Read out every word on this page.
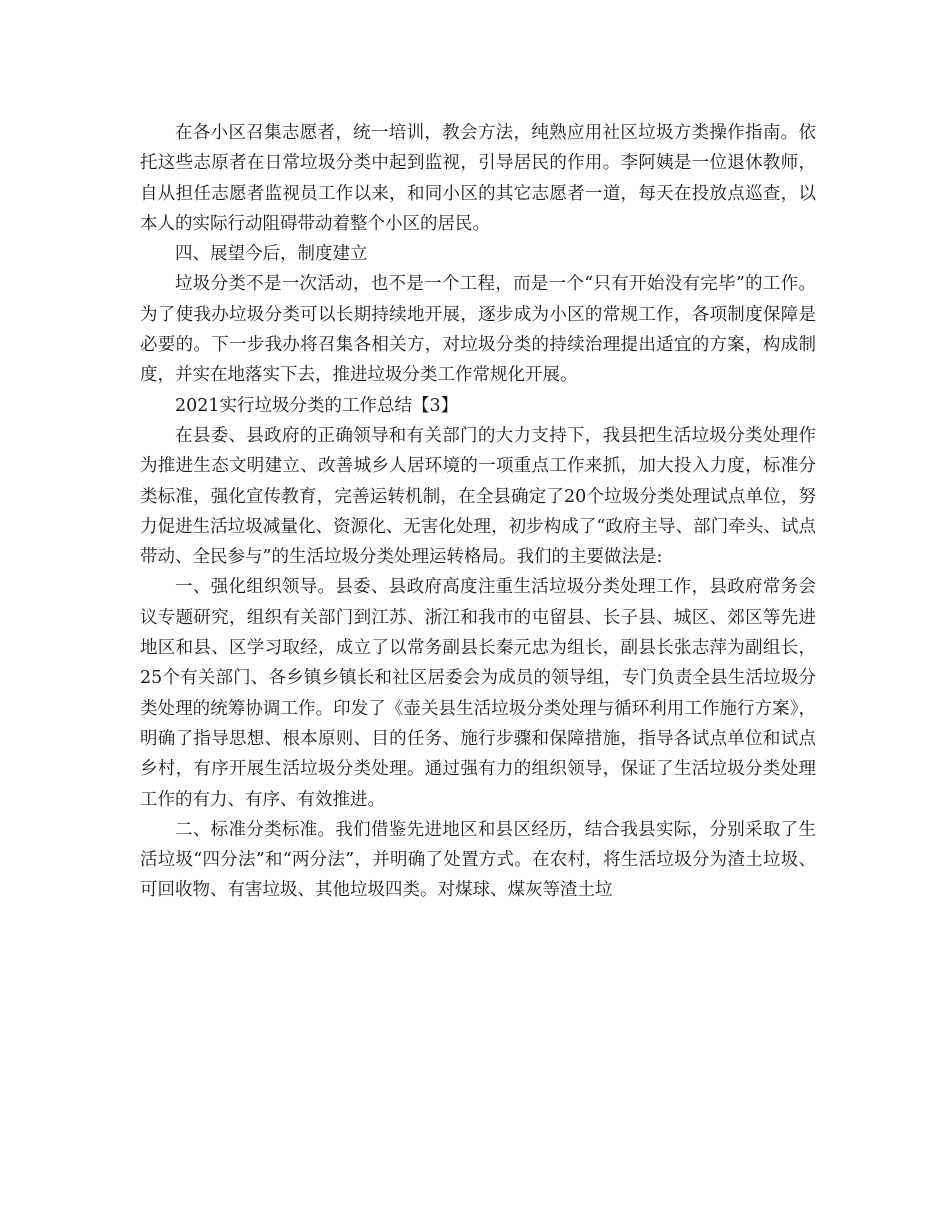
在各小区召集志愿者，统一培训，教会方法，纯熟应用社区垃圾方类操作指南。依托这些志原者在日常垃圾分类中起到监视，引导居民的作用。李阿姨是一位退休教师，自从担任志愿者监视员工作以来，和同小区的其它志愿者一道，每天在投放点巡查，以本人的实际行动阻碍带动着整个小区的居民。

四、展望今后，制度建立

垃圾分类不是一次活动，也不是一个工程，而是一个“只有开始没有完毕”的工作。为了使我办垃圾分类可以长期持续地开展，逐步成为小区的常规工作，各项制度保障是必要的。下一步我办将召集各相关方，对垃圾分类的持续治理提出适宜的方案，构成制度，并实在地落实下去，推进垃圾分类工作常规化开展。

2021实行垃圾分类的工作总结【3】

在县委、县政府的正确领导和有关部门的大力支持下，我县把生活垃圾分类处理作为推进生态文明建立、改善城乡人居环境的一项重点工作来抓，加大投入力度，标准分类标准，强化宣传教育，完善运转机制，在全县确定了20个垃圾分类处理试点单位，努力促进生活垃圾减量化、资源化、无害化处理，初步构成了“政府主导、部门牵头、试点带动、全民参与”的生活垃圾分类处理运转格局。我们的主要做法是:

一、强化组织领导。县委、县政府高度注重生活垃圾分类处理工作，县政府常务会议专题研究，组织有关部门到江苏、浙江和我市的屯留县、长子县、城区、郊区等先进地区和县、区学习取经，成立了以常务副县长秦元忠为组长，副县长张志萍为副组长，25个有关部门、各乡镇乡镇长和社区居委会为成员的领导组，专门负责全县生活垃圾分类处理的统筹协调工作。印发了《壶关县生活垃圾分类处理与循环利用工作施行方案》，明确了指导思想、根本原则、目的任务、施行步骤和保障措施，指导各试点单位和试点乡村，有序开展生活垃圾分类处理。通过强有力的组织领导，保证了生活垃圾分类处理工作的有力、有序、有效推进。

二、标准分类标准。我们借鉴先进地区和县区经历，结合我县实际，分别采取了生活垃圾“四分法”和“两分法”，并明确了处置方式。在农村，将生活垃圾分为渣土垃圾、可回收物、有害垃圾、其他垃圾四类。对煤球、煤灰等渣土垃
